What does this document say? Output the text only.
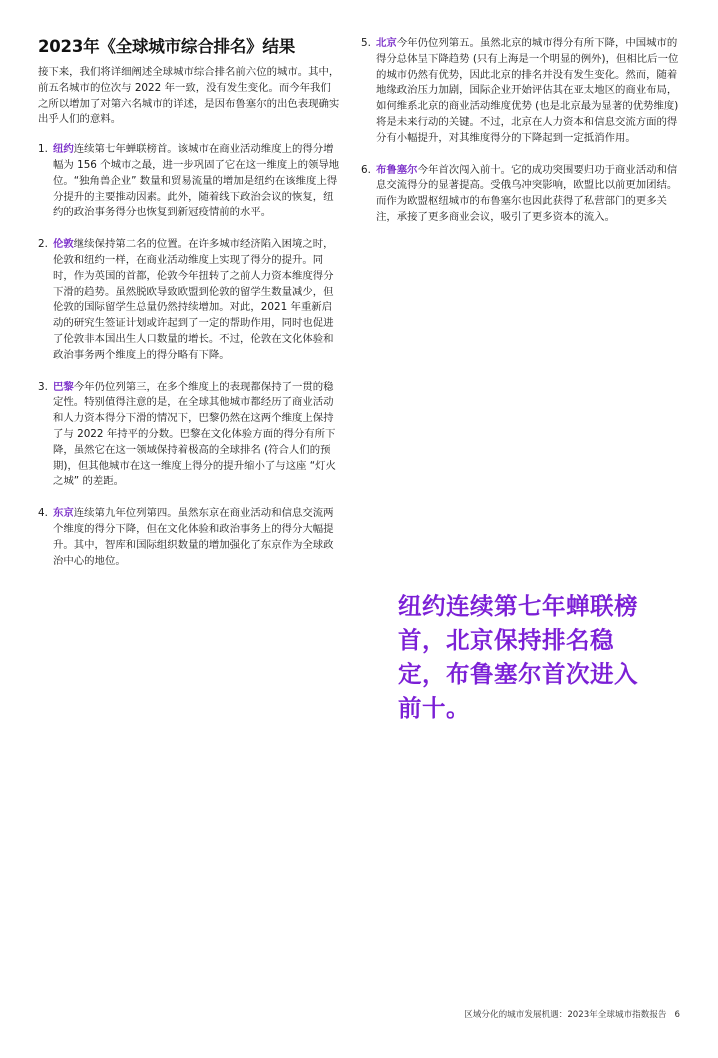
2023年《全球城市综合排名》结果

接下来，我们将详细阐述全球城市综合排名前六位的城市。其中，前五名城市的位次与 2022 年一致，没有发生变化。而今年我们之所以增加了对第六名城市的详述，是因布鲁塞尔的出色表现确实出乎人们的意料。

1. 纽约连续第七年蝉联榜首。该城市在商业活动维度上的得分增幅为 156 个城市之最，进一步巩固了它在这一维度上的领导地位。“独角兽企业” 数量和贸易流量的增加是纽约在该维度上得分提升的主要推动因素。此外，随着线下政治会议的恢复，纽约的政治事务得分也恢复到新冠疫情前的水平。
2. 伦敦继续保持第二名的位置。在许多城市经济陷入困境之时，伦敦和纽约一样，在商业活动维度上实现了得分的提升。同时，作为英国的首都，伦敦今年扭转了之前人力资本维度得分下滑的趋势。虽然脱欧导致欧盟到伦敦的留学生数量减少，但伦敦的国际留学生总量仍然持续增加。对此，2021 年重新启动的研究生签证计划或许起到了一定的帮助作用，同时也促进了伦敦非本国出生人口数量的增长。不过，伦敦在文化体验和政治事务两个维度上的得分略有下降。
3. 巴黎今年仍位列第三，在多个维度上的表现都保持了一贯的稳定性。特别值得注意的是，在全球其他城市都经历了商业活动和人力资本得分下滑的情况下，巴黎仍然在这两个维度上保持了与 2022 年持平的分数。巴黎在文化体验方面的得分有所下降，虽然它在这一领域保持着极高的全球排名 (符合人们的预期)，但其他城市在这一维度上得分的提升缩小了与这座 “灯火之城” 的差距。
4. 东京连续第九年位列第四。虽然东京在商业活动和信息交流两个维度的得分下降，但在文化体验和政治事务上的得分大幅提升。其中，智库和国际组织数量的增加强化了东京作为全球政治中心的地位。
5. 北京今年仍位列第五。虽然北京的城市得分有所下降，中国城市的得分总体呈下降趋势 (只有上海是一个明显的例外)，但相比后一位的城市仍然有优势，因此北京的排名并没有发生变化。然而，随着地缘政治压力加剧，国际企业开始评估其在亚太地区的商业布局，如何维系北京的商业活动维度优势 (也是北京最为显著的优势维度) 将是未来行动的关键。不过，北京在人力资本和信息交流方面的得分有小幅提升，对其维度得分的下降起到一定抵消作用。
6. 布鲁塞尔今年首次闯入前十。它的成功突围要归功于商业活动和信息交流得分的显著提高。受俄乌冲突影响，欧盟比以前更加团结。而作为欧盟枢纽城市的布鲁塞尔也因此获得了私营部门的更多关注，承接了更多商业会议，吸引了更多资本的流入。

纽约连续第七年蝉联榜首，北京保持排名稳定，布鲁塞尔首次进入前十。

区域分化的城市发展机遇：2023年全球城市指数报告 6
